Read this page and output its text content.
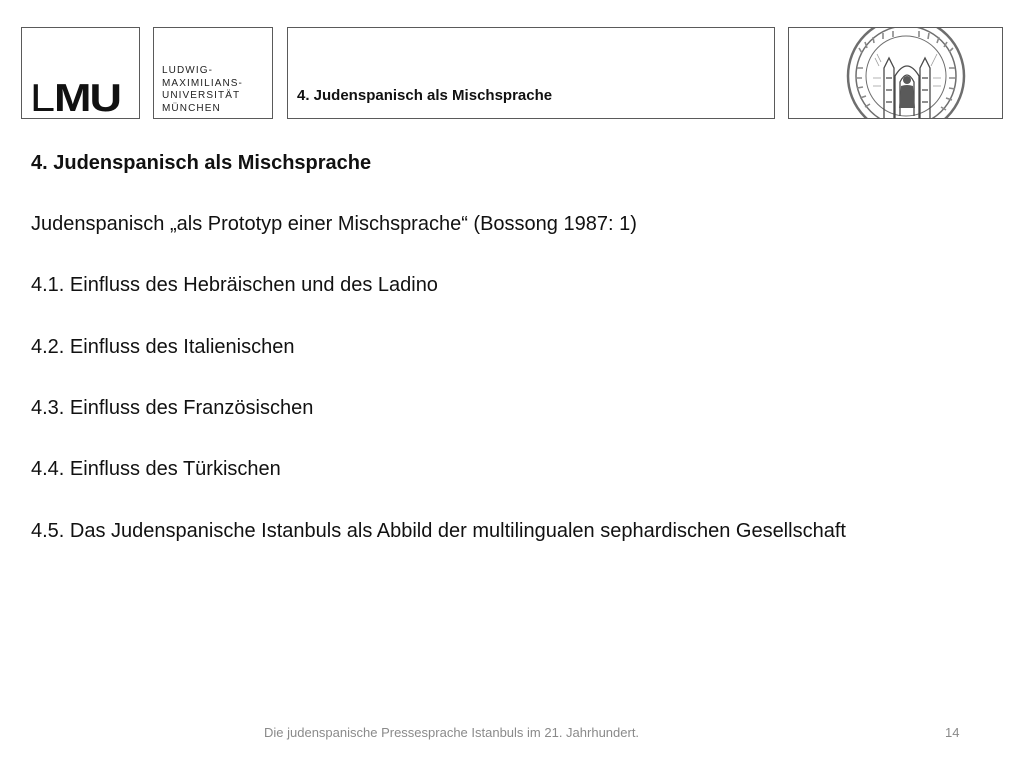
L MU
LUDWIG-
MAXIMILIANS-
UNIVERSITÄT
MÜNCHEN
4. Judenspanisch als Mischsprache
4. Judenspanisch als Mischsprache
Judenspanisch „als Prototyp einer Mischsprache“ (Bossong 1987: 1)
4.1. Einfluss des Hebräischen und des Ladino
4.2. Einfluss des Italienischen
4.3. Einfluss des Französischen
4.4. Einfluss des Türkischen
4.5. Das Judenspanische Istanbuls als Abbild der multilingualen sephardischen Gesellschaft
Die judenspanische Pressesprache Istanbuls im 21. Jahrhundert.	14
